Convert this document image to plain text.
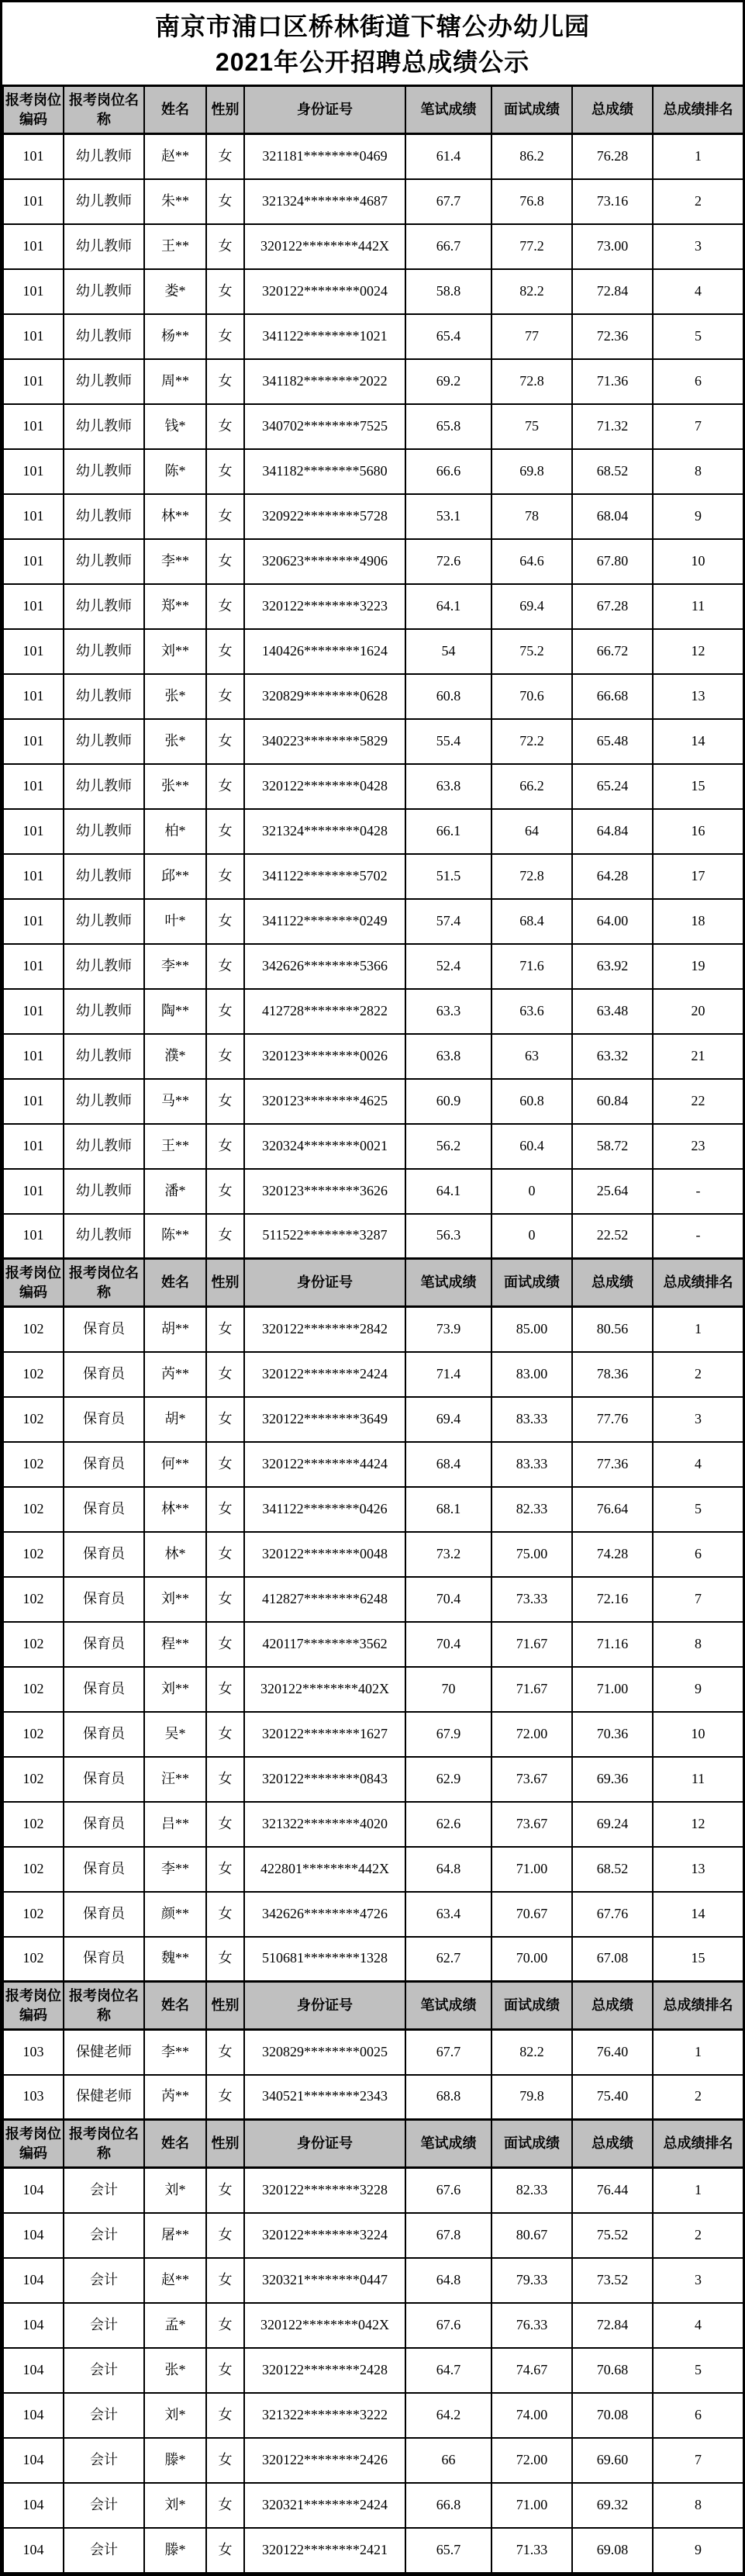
南京市浦口区桥林街道下辖公办幼儿园
2021年公开招聘总成绩公示
报考岗位编码	报考岗位名称	姓名	性别	身份证号	笔试成绩	面试成绩	总成绩	总成绩排名
101	幼儿教师	赵**	女	321181********0469	61.4	86.2	76.28	1
101	幼儿教师	朱**	女	321324********4687	67.7	76.8	73.16	2
101	幼儿教师	王**	女	320122********442X	66.7	77.2	73.00	3
101	幼儿教师	娄*	女	320122********0024	58.8	82.2	72.84	4
101	幼儿教师	杨**	女	341122********1021	65.4	77	72.36	5
101	幼儿教师	周**	女	341182********2022	69.2	72.8	71.36	6
101	幼儿教师	钱*	女	340702********7525	65.8	75	71.32	7
101	幼儿教师	陈*	女	341182********5680	66.6	69.8	68.52	8
101	幼儿教师	林**	女	320922********5728	53.1	78	68.04	9
101	幼儿教师	李**	女	320623********4906	72.6	64.6	67.80	10
101	幼儿教师	郑**	女	320122********3223	64.1	69.4	67.28	11
101	幼儿教师	刘**	女	140426********1624	54	75.2	66.72	12
101	幼儿教师	张*	女	320829********0628	60.8	70.6	66.68	13
101	幼儿教师	张*	女	340223********5829	55.4	72.2	65.48	14
101	幼儿教师	张**	女	320122********0428	63.8	66.2	65.24	15
101	幼儿教师	柏*	女	321324********0428	66.1	64	64.84	16
101	幼儿教师	邱**	女	341122********5702	51.5	72.8	64.28	17
101	幼儿教师	叶*	女	341122********0249	57.4	68.4	64.00	18
101	幼儿教师	李**	女	342626********5366	52.4	71.6	63.92	19
101	幼儿教师	陶**	女	412728********2822	63.3	63.6	63.48	20
101	幼儿教师	濮*	女	320123********0026	63.8	63	63.32	21
101	幼儿教师	马**	女	320123********4625	60.9	60.8	60.84	22
101	幼儿教师	王**	女	320324********0021	56.2	60.4	58.72	23
101	幼儿教师	潘*	女	320123********3626	64.1	0	25.64	-
101	幼儿教师	陈**	女	511522********3287	56.3	0	22.52	-
报考岗位编码	报考岗位名称	姓名	性别	身份证号	笔试成绩	面试成绩	总成绩	总成绩排名
102	保育员	胡**	女	320122********2842	73.9	85.00	80.56	1
102	保育员	芮**	女	320122********2424	71.4	83.00	78.36	2
102	保育员	胡*	女	320122********3649	69.4	83.33	77.76	3
102	保育员	何**	女	320122********4424	68.4	83.33	77.36	4
102	保育员	林**	女	341122********0426	68.1	82.33	76.64	5
102	保育员	林*	女	320122********0048	73.2	75.00	74.28	6
102	保育员	刘**	女	412827********6248	70.4	73.33	72.16	7
102	保育员	程**	女	420117********3562	70.4	71.67	71.16	8
102	保育员	刘**	女	320122********402X	70	71.67	71.00	9
102	保育员	吴*	女	320122********1627	67.9	72.00	70.36	10
102	保育员	汪**	女	320122********0843	62.9	73.67	69.36	11
102	保育员	吕**	女	321322********4020	62.6	73.67	69.24	12
102	保育员	李**	女	422801********442X	64.8	71.00	68.52	13
102	保育员	颜**	女	342626********4726	63.4	70.67	67.76	14
102	保育员	魏**	女	510681********1328	62.7	70.00	67.08	15
报考岗位编码	报考岗位名称	姓名	性别	身份证号	笔试成绩	面试成绩	总成绩	总成绩排名
103	保健老师	李**	女	320829********0025	67.7	82.2	76.40	1
103	保健老师	芮**	女	340521********2343	68.8	79.8	75.40	2
报考岗位编码	报考岗位名称	姓名	性别	身份证号	笔试成绩	面试成绩	总成绩	总成绩排名
104	会计	刘*	女	320122********3228	67.6	82.33	76.44	1
104	会计	屠**	女	320122********3224	67.8	80.67	75.52	2
104	会计	赵**	女	320321********0447	64.8	79.33	73.52	3
104	会计	孟*	女	320122********042X	67.6	76.33	72.84	4
104	会计	张*	女	320122********2428	64.7	74.67	70.68	5
104	会计	刘*	女	321322********3222	64.2	74.00	70.08	6
104	会计	滕*	女	320122********2426	66	72.00	69.60	7
104	会计	刘*	女	320321********2424	66.8	71.00	69.32	8
104	会计	滕*	女	320122********2421	65.7	71.33	69.08	9
